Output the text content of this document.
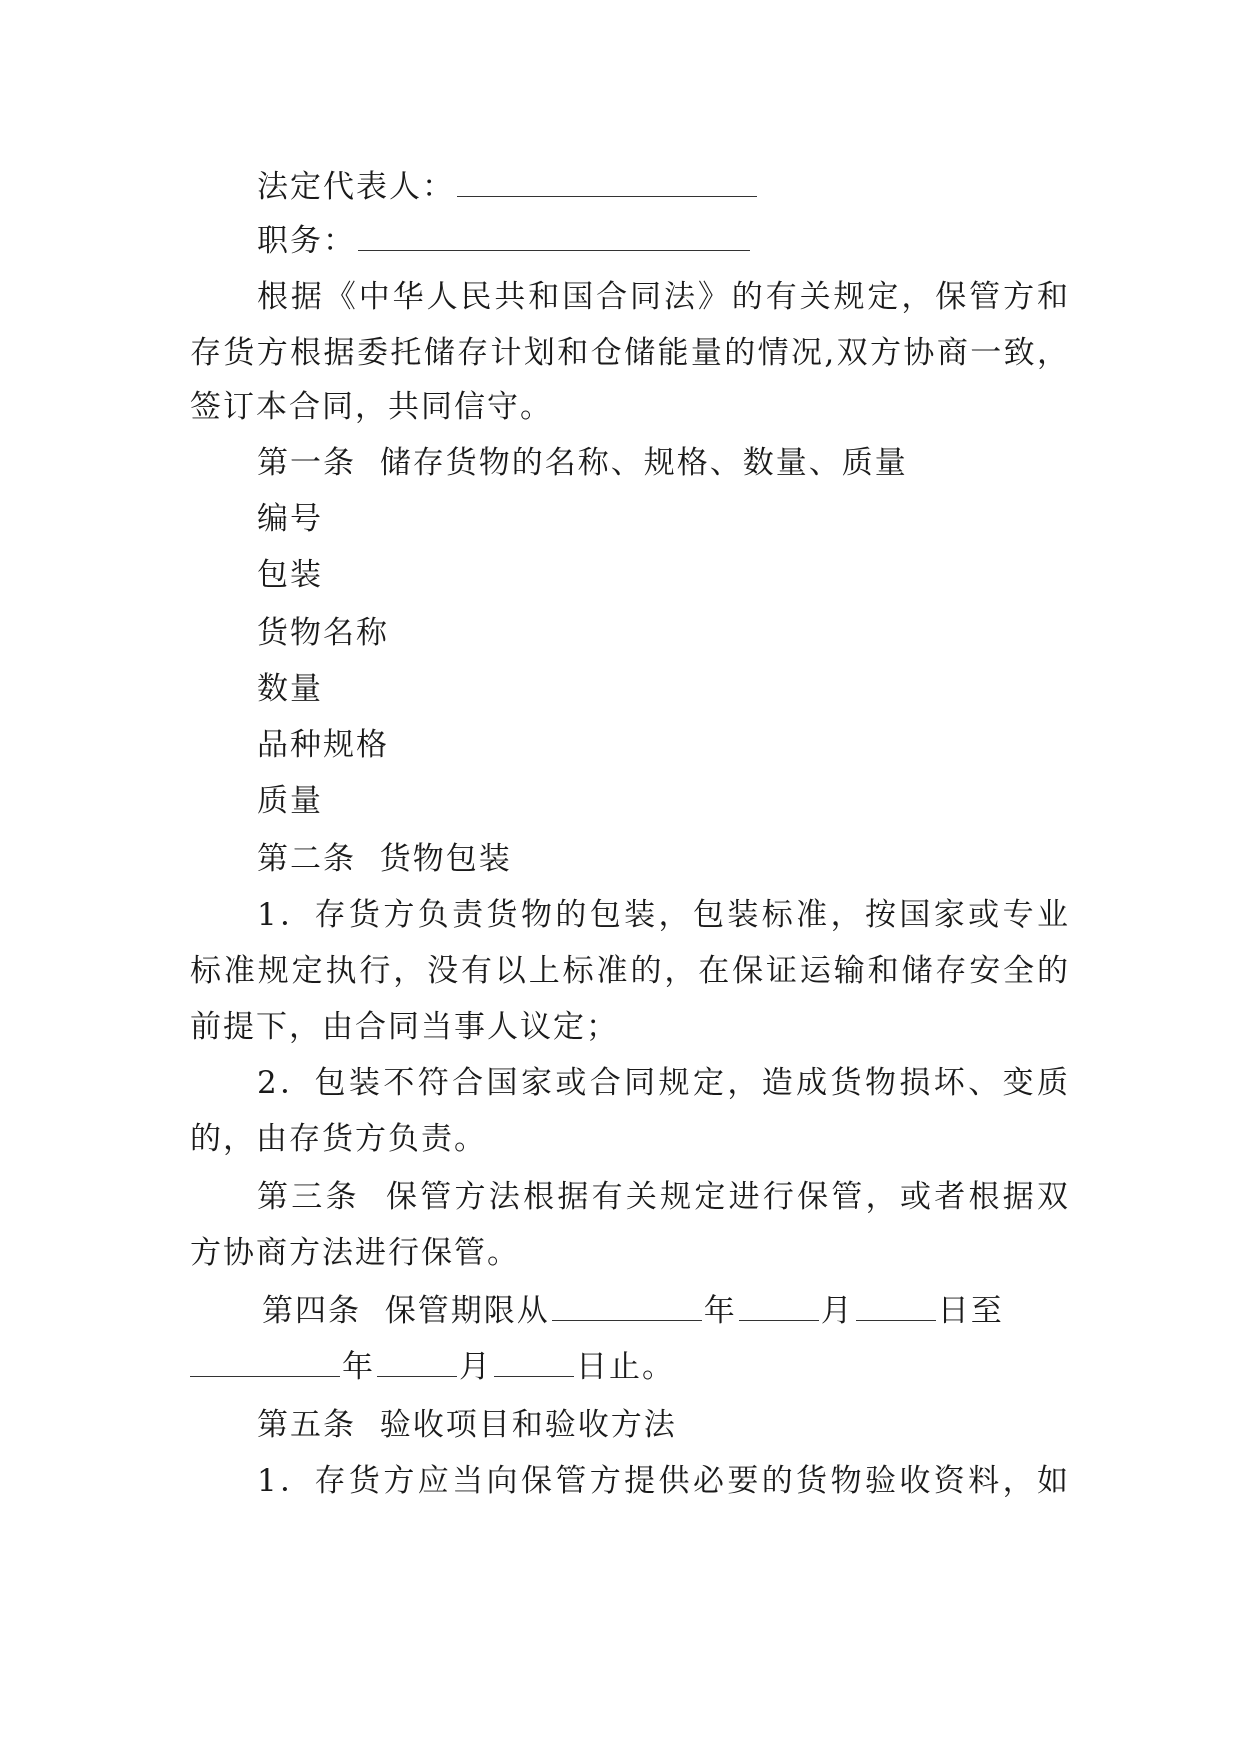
法定代表人：
职务：
根据《中华人民共和国合同法》的有关规定，保管方和
存货方根据委托储存计划和仓储能量的情况,双方协商一致，
签订本合同，共同信守。
第一条  储存货物的名称、规格、数量、质量
编号
包装
货物名称
数量
品种规格
质量
第二条  货物包装
1．存货方负责货物的包装，包装标准，按国家或专业
标准规定执行，没有以上标准的，在保证运输和储存安全的
前提下，由合同当事人议定；
2．包装不符合国家或合同规定，造成货物损坏、变质
的，由存货方负责。
第三条  保管方法根据有关规定进行保管，或者根据双
方协商方法进行保管。
第四条  保管期限从	年	月	日至
年	月	日止。
第五条  验收项目和验收方法
1．存货方应当向保管方提供必要的货物验收资料，如
